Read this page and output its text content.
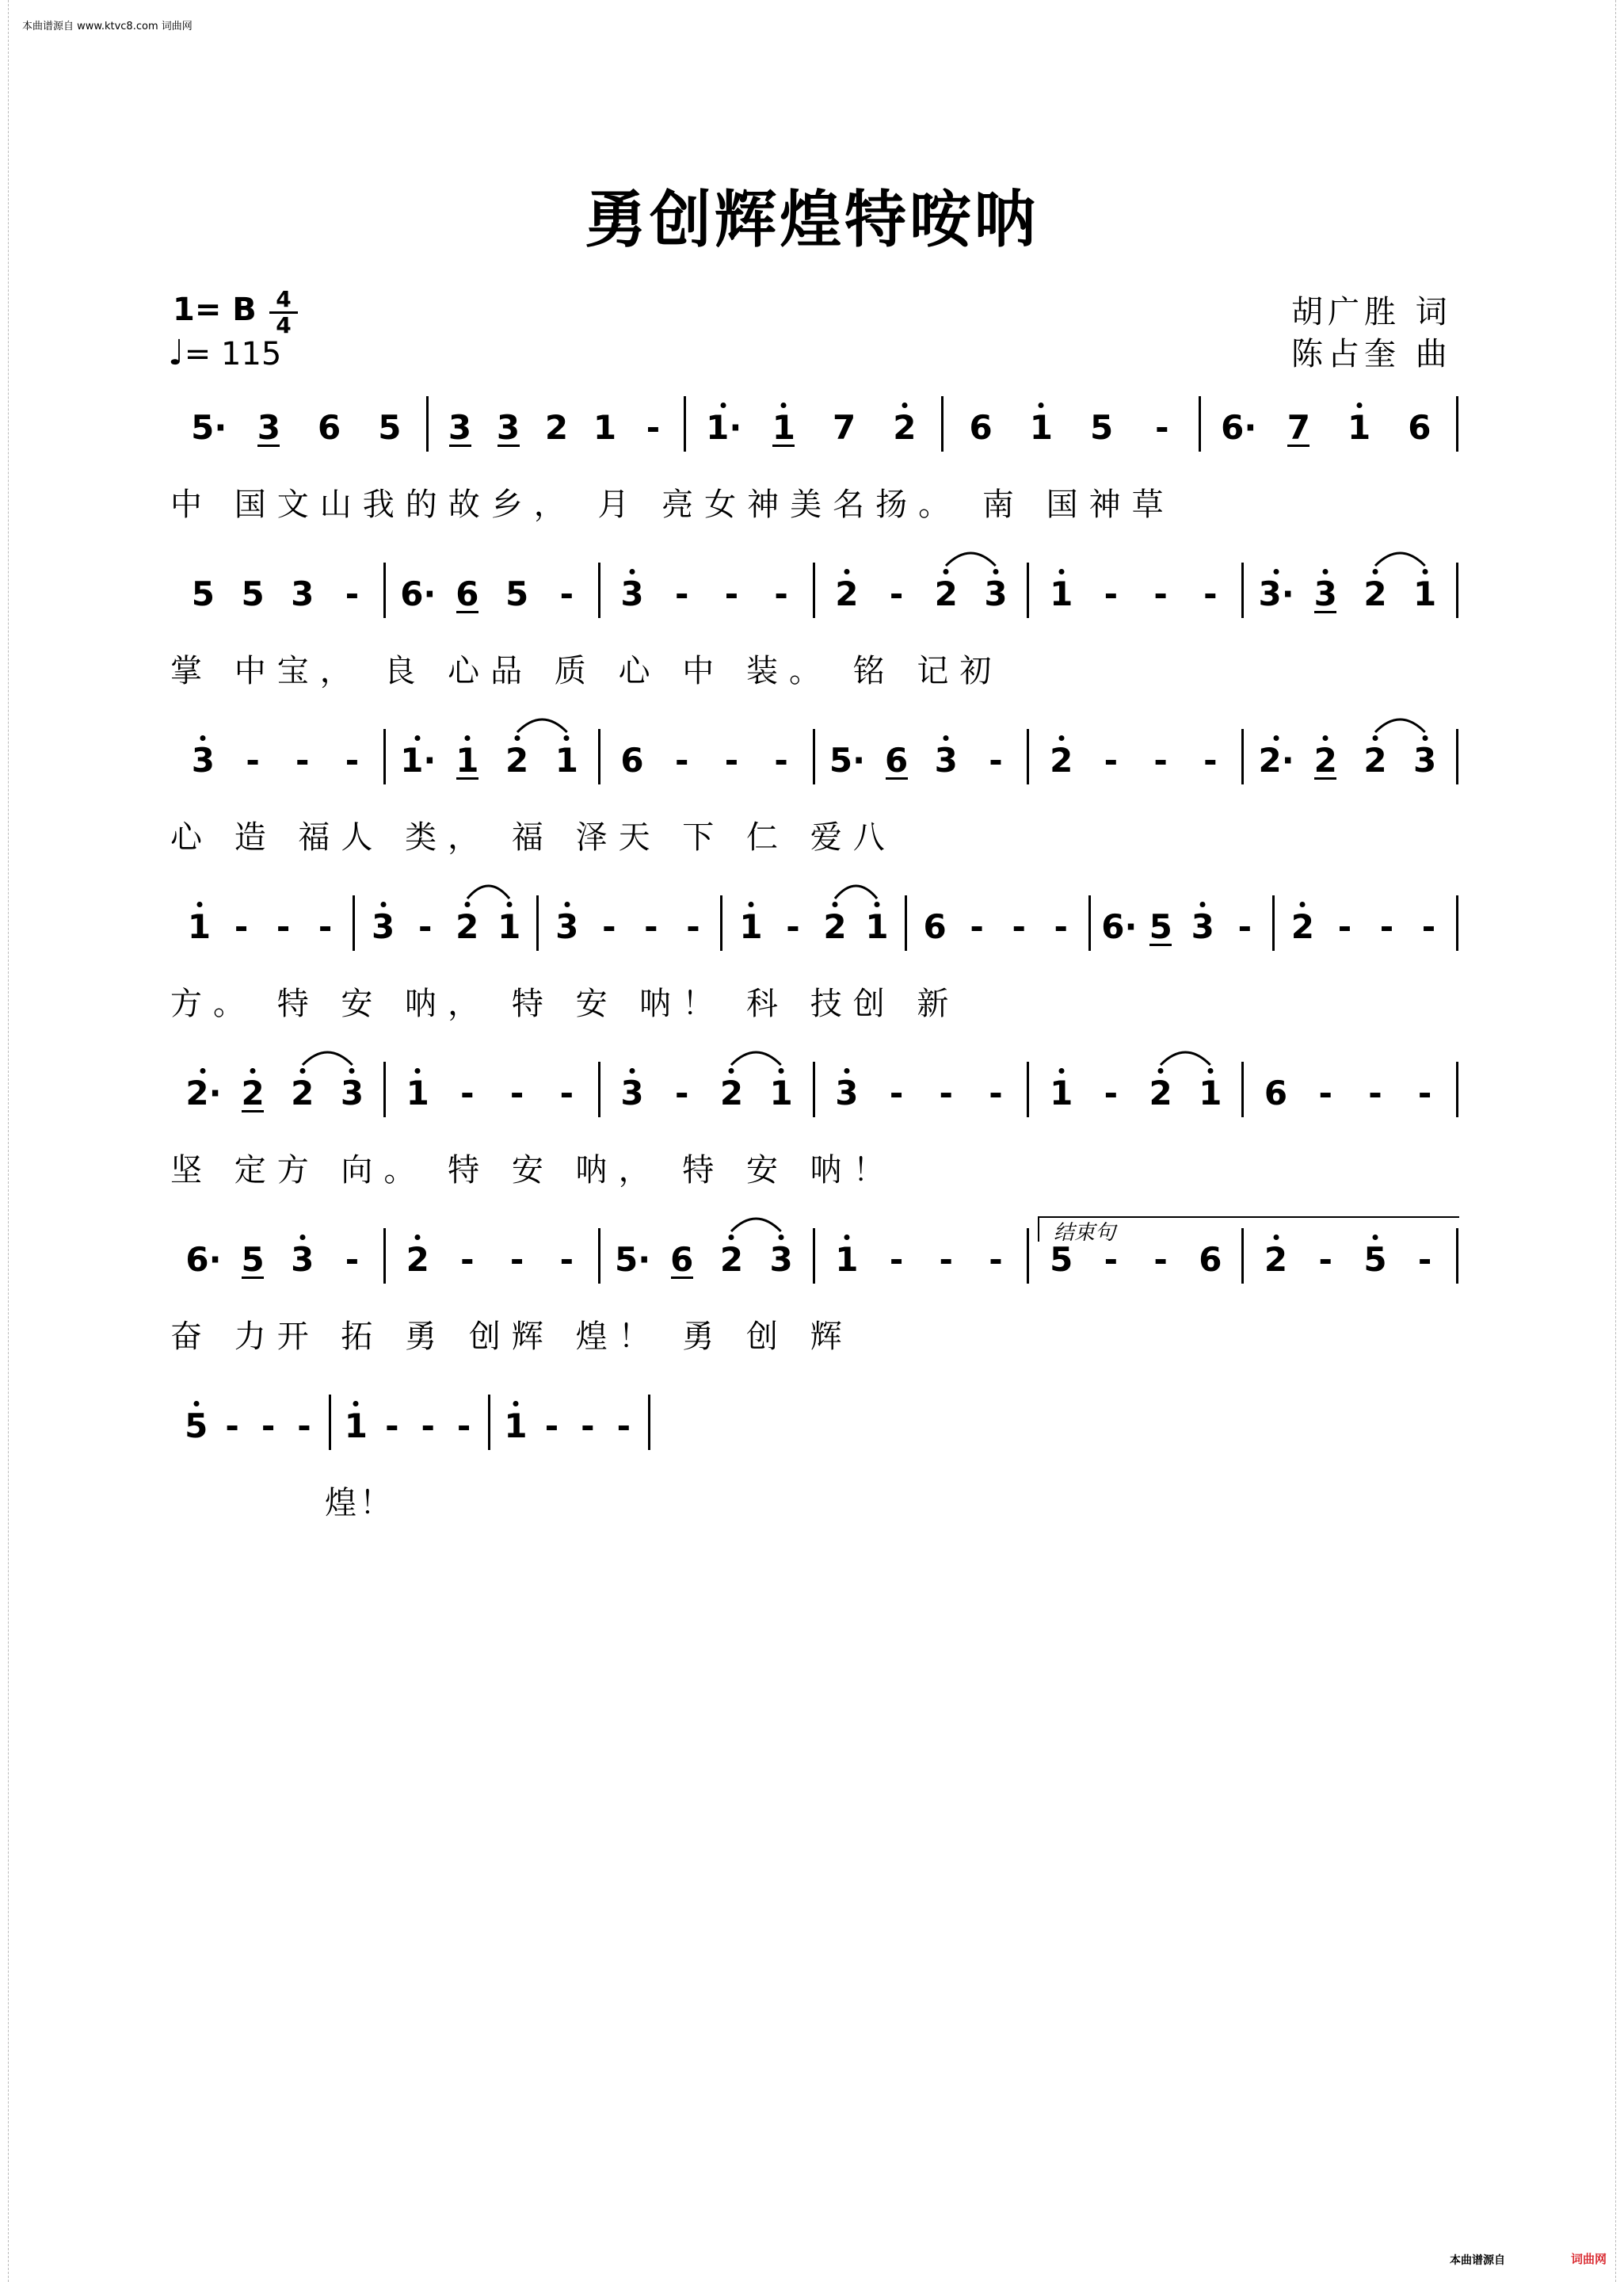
本曲谱源自 www.ktvc8.com 词曲网
勇创辉煌特咹呐
1= B 4
4
♩= 115
胡广胜 词
陈占奎 曲
5· 3 6 5 3 3 2 1 -	1· 1 7 2 6 1 5	-	6· 7 1 6
中 国文山我的故乡， 月 亮女神美名扬。 南 国神草
5 5 3 -	6· 6 5 -	3 -	-	-	2 - 2 3 1 -	-	-	3· 3 2 1
掌 中宝， 良 心品 质 心 中 装。 铭 记初
3 -	-	-	1· 1 2 1 6 -	-	-	5· 6 3 -	2 -	-	-	2· 2 2 3
心 造 福人 类， 福 泽天 下 仁 爱八
1 - - -	3 - 2 1 3 - - -	1 - 2 1 6 - - -	6· 5 3 -	2 - - -
方。 特 安 呐， 特 安 呐！ 科 技创 新
2· 2 2 3 1 -	-	-	3 - 2 1 3 -	-	-	1 - 2 1 6 -	-	-
坚 定方 向。 特 安 呐， 特 安 呐！
6· 5 3 -	2 -	-	-	5· 6 2 3 1 -	-	-	5 -	- 6 2 - 5 -
奋 力开 拓 勇 创辉 煌！ 勇 创 辉
5 - - -	1 - - -	1 - - -
煌！
本曲谱源自	词曲网
结束句
